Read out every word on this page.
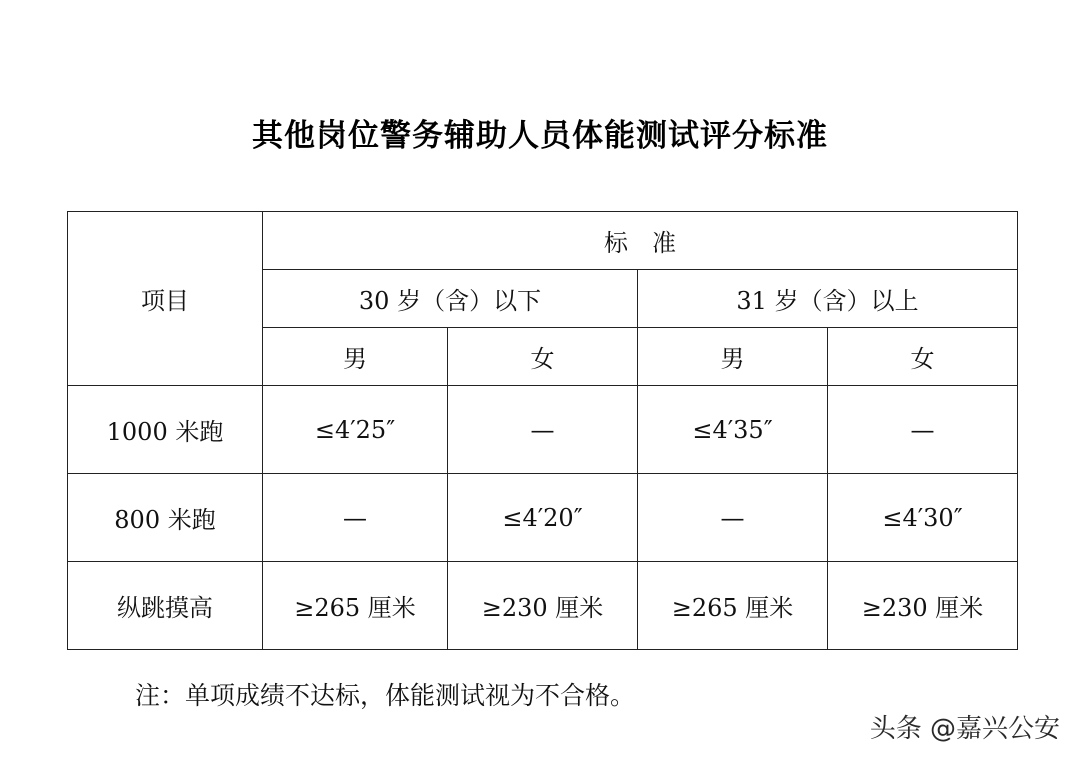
其他岗位警务辅助人员体能测试评分标准
项目	标　准			
	30 岁（含）以下		31 岁（含）以上	
	男	女	男	女
1000 米跑	≤4′25″	—	≤4′35″	—
800 米跑	—	≤4′20″	—	≤4′30″
纵跳摸高	≥265 厘米	≥230 厘米	≥265 厘米	≥230 厘米
注：单项成绩不达标，体能测试视为不合格。
头条 @嘉兴公安
